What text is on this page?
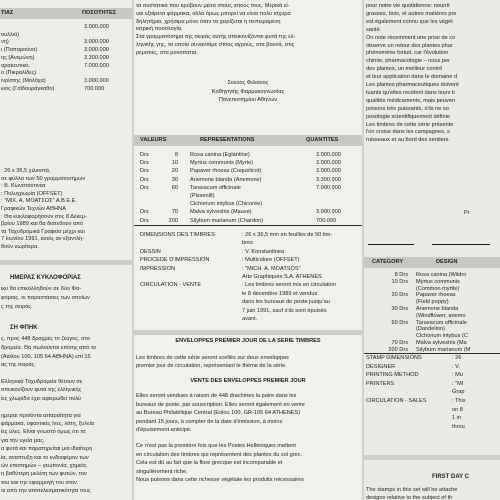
ΤΙΑΣ	ΠΟΣΟΤΗΤΕΣ
3.000.000
ουλλιά)
νη)	3.000.000
ι (Παπαρούνα)	3.000.000
ης (Ανεμώνη)	3.300.000
αρακευτικό,	7.000.000
ο (Πικραλίδες)
ινρίστης (Μολόχα)	3.000.000
κιός (Γαϊδουράγκαθο)	700.000
: 26 x 36,5 χιλιοστά,
σε φύλλα των 50 γραμματοσήμων
: Β. Κωνσταντινέα
: Πολυχρωμία (OFFSET)
: "ΜΙΧ. Α. ΜΟΑΤΣΟΣ" Α.Β.Ε.Ε.
Γραφικών Τεχνών ΑΘΗΝΑ
: Θα κυκλοφορήσουν στις 8 Δεκεμ-
βρίου 1989 και θα διατεθούν από
τα Ταχυδρομικά Γραφεία μέχρι και
7 Ιουνίου 1991, εκτός αν εξαντλη-
θούν νωρίτερα.
ΗΜΕΡΑΣ ΚΥΚΛΟΦΟΡΙΑΣ
ικυ θα επικολληθούν σε δύο Φα-
φοριας, οι παραστάσεις των οποίων
ς της σειράς.
ΣΗ ΦΠΗΚ
ς, προς 448 δραχμές το ζεύγος, στα
δρομεία. Θα πωλούνται επίσης από το
(Αιόλου 100, 105 64 ΑΘΗΝΑ) επί 15
ας της σειράς.
Ελληνικά Ταχυδρομεία θέτουν σε
απεικονίζουν φυτά της ελληνικής
ίες χλωρίδα έχει αφιερωθεί πολύ
ημεραι προϊόντα απαραίτητα για
φάρμακα, υφαντικές ίνες, λίπη, ξυλεία
ίες ύλες. Είναι γνωστό όμως ότι τα
για την υγεία μας.
α φυτά και παρατηρείται μια ιδιαίτερη
ία, αναπτυξη και το ενδιαφέρον των
ών επιστημών – γεωπονία, χημεία,
η βαθύτερη μελέτη των φυτών, τον
του και την εφαρμογή του στον
οι από την αποτελεσματικότητα τους
τα συστατικά που κρύβουν μέσα στους ιστούς τους. Μερικά εί-
ναι εξαίρετα φάρμακα, αλλά όμως μπορεί να είναι πολύ ισχυρά
δηλητήρια, χρήσιμα μόνο όταν τα χειρίζεται η πεπειραμένη
ιατρική ποσολογία.
Στα γραμματόσημα της σειράς αυτής απεικονίζονται φυτά της ελ-
ληνικής γης, τα οποία συναντάμε στους αγρούς, στα βουνά, στις
ρεματιές, στα μονοπάτια.
Σκεύος Φιλιάνος
Καθηγητής Φαρμακογνωσίας
Πανεπιστημίου Αθηνών
VALEURS	REPRESENTATIONS	QUANTITES
Drs	8 Rosa canina (Eglantine)	3.000.000
Drs	10 Myrtus communis (Myrte)	3.000.000
Drs	20 Papaver rhoeas (Coquelicot)	3.000.000
Drs	30 Anemone blanda (Anemone)	3.300.000
Drs	60 Taraxacum officinale	7.000.000
(Pissenlit)
Cichorium intybus (Chicorée)
Drs	70 Malva sylvestris (Mauve)	3.000.000
Drs	200 Silybum marianum (Chardon)	700.000
DIMENSIONS DES TIMBRES	: 26 x 36,5 mm en feuilles de 50 tim-
bres
DESSIN	: V. Konstantinea
PROCEDE D'IMPRESSION	: Multicolore (OFFSET)
IMPRESSION	: "MICH. A. MOATSOS"
Arts Graphiques S.A. ATHENES
CIRCULATION - VENTE	: Les timbres seront mis en circulation
le 8 décembre 1989 et vendus
dans les bureaux de poste jusqu'au
7 juin 1991, sauf s'ils sont épuisés
avant.
ENVELOPPES PREMIER JOUR DE LA SERIE TIMBRES
Les timbres de cette série seront scellés sur deux enveloppes
premier jour de circulation, représentant le thème de la série.
VENTE DES ENVELOPPES PREMIER JOUR
Elles seront vendues à raison de 448 drachmes la paire dans les
bureaux de poste, par souscription. Elles seront également en vente
au Bureau Philatélique Central (Eolou 100, GR-105 64 ATHENES)
pendant 15 jours, à compter de la date d'émission, à moins
d'épuisement anticipé.
Ce n'est pas la première fois que les Postes Helléniques mettent
en circulation des timbres qui représentent des plantes du sol grec.
Cela est dû au fait que la flore grecque est incomparable et
singulièrement riche.
Nous puisons dans cette richesse végétale les produits nécessaires
pour notre vie quotidienne: nourrit
grasses, bois, et autres matières pre
est également connu que les végét
santé.
On note récemment une prise de co
observe un retour des plantes phar
phénomène fortuit, car l'évolution
chimie, pharmacologie – nous per
des plantes, un meilleur contrô
et leur application dans le domaine d
Les plantes pharmaceutiques doivent
tuants qu'elles recèlent dans leurs ti
qualités médicaments, mais peuven
poisons très puissants, s'ils ne so
posologie scientifiquement définie
Les timbres de cette série présente
l'on croise dans les campagnes, s
ruisseaux et au bord des sentiers.
Pr
CATEGORY	DESIGN
8 Drs Rosa canina (Wildro
10 Drs Myrtus communis
(Common myrtle)
20 Drs Papaver rhoeas
(Field poppy)
30 Drs Anemone blanda
(Windflower, anemo
60 Drs Taraxacum officinale
(Dandelion)
Cichorium intybus (C
70 Drs Malva sylvestris (Ma
200 Drs Silybum marianum (M
STAMP DIMENSIONS	: 26
DESIGNER	: V.
PRINTING METHOD	: Mu
PRINTERS	: "MI
Grap
CIRCULATION - SALES	: This
on 8
1 in
throu
FIRST DAY C
The stamps in this set will be attache
designs relative to the subject of th
